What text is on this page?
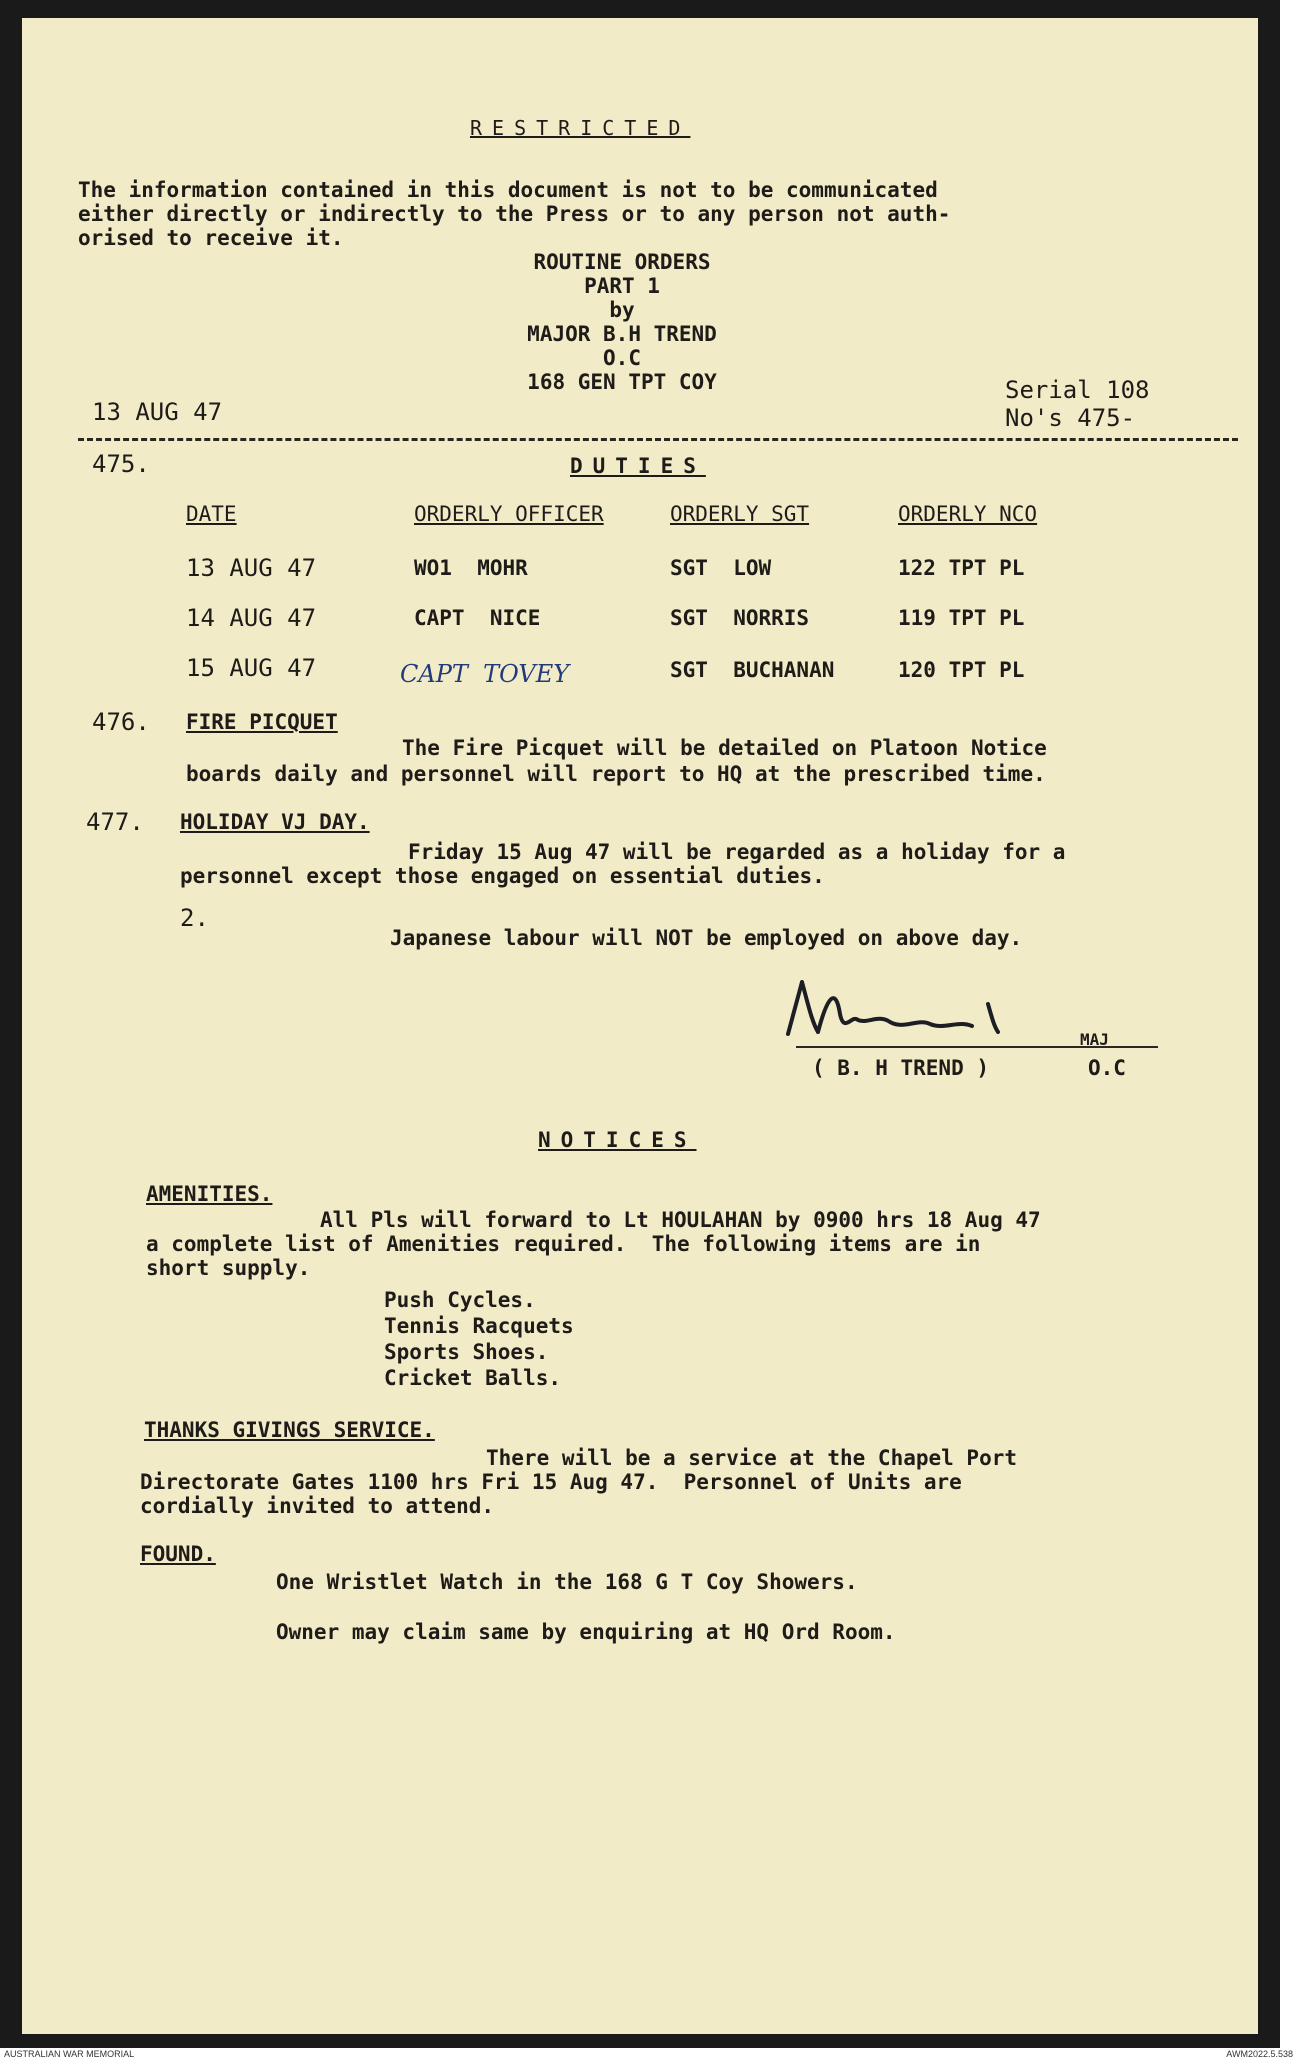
RESTRICTED
The information contained in this document is not to be communicated
either directly or indirectly to the Press or to any person not auth-
orised to receive it.
ROUTINE ORDERS
PART 1
by
MAJOR B.H TREND
O.C
168 GEN TPT COY
13 AUG 47
Serial 108
No's 475-
475.	DUTIES
DATE	ORDERLY OFFICER	ORDERLY SGT	ORDERLY NCO
13 AUG 47	WO1  MOHR	SGT  LOW	122 TPT PL
14 AUG 47	CAPT  NICE	SGT  NORRIS	119 TPT PL
15 AUG 47	CAPT  TOVEY	SGT  BUCHANAN	120 TPT PL
476. FIRE PICQUET
The Fire Picquet will be detailed on Platoon Notice
boards daily and personnel will report to HQ at the prescribed time.
477. HOLIDAY VJ DAY.
Friday 15 Aug 47 will be regarded as a holiday for a
personnel except those engaged on essential duties.
2.
Japanese labour will NOT be employed on above day.
MAJ
( B. H TREND )	O.C
NOTICES
AMENITIES.
All Pls will forward to Lt HOULAHAN by 0900 hrs 18 Aug 47
a complete list of Amenities required.  The following items are in
short supply.
Push Cycles.
Tennis Racquets
Sports Shoes.
Cricket Balls.
THANKS GIVINGS SERVICE.
There will be a service at the Chapel Port
Directorate Gates 1100 hrs Fri 15 Aug 47.  Personnel of Units are
cordially invited to attend.
FOUND.
One Wristlet Watch in the 168 G T Coy Showers.
Owner may claim same by enquiring at HQ Ord Room.
AUSTRALIAN WAR MEMORIAL	AWM2022.5.538
